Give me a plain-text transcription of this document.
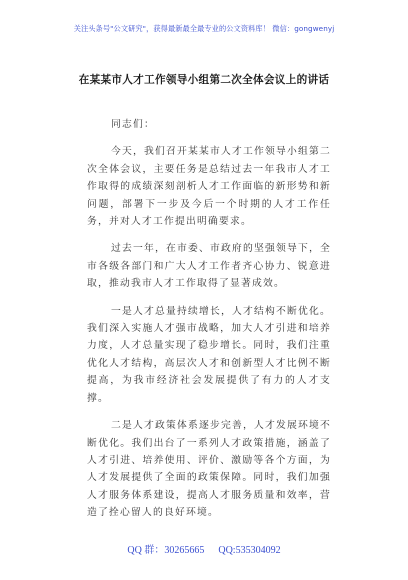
关注头条号"公文研究"，获得最新最全最专业的公文资料库！ 微信：gongwenyj
在某某市人才工作领导小组第二次全体会议上的讲话

同志们：

今天，我们召开某某市人才工作领导小组第二次全体会议，主要任务是总结过去一年我市人才工作取得的成绩深刻剖析人才工作面临的新形势和新问题，部署下一步及今后一个时期的人才工作任务，并对人才工作提出明确要求。

过去一年，在市委、市政府的坚强领导下，全市各级各部门和广大人才工作者齐心协力、锐意进取，推动我市人才工作取得了显著成效。

一是人才总量持续增长，人才结构不断优化。我们深入实施人才强市战略，加大人才引进和培养力度，人才总量实现了稳步增长。同时，我们注重优化人才结构，高层次人才和创新型人才比例不断提高，为我市经济社会发展提供了有力的人才支撑。

二是人才政策体系逐步完善，人才发展环境不断优化。我们出台了一系列人才政策措施，涵盖了人才引进、培养使用、评价、激励等各个方面，为人才发展提供了全面的政策保障。同时，我们加强人才服务体系建设，提高人才服务质量和效率，营造了拴心留人的良好环境。

QQ 群：30265665 QQ:535304092
